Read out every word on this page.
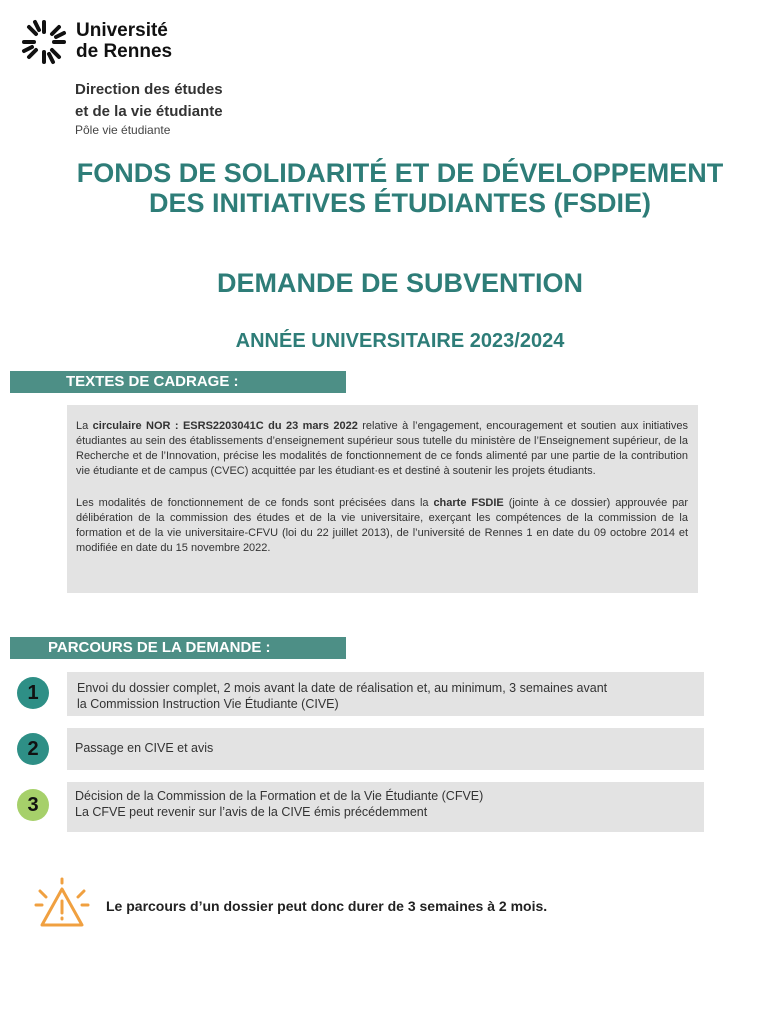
Université
de Rennes
Direction des études
et de la vie étudiante
Pôle vie étudiante
FONDS DE SOLIDARITÉ ET DE DÉVELOPPEMENT
DES INITIATIVES ÉTUDIANTES (FSDIE)
DEMANDE DE SUBVENTION
ANNÉE UNIVERSITAIRE 2023/2024
TEXTES DE CADRAGE :

La circulaire NOR : ESRS2203041C du 23 mars 2022 relative à l’engagement, encouragement et soutien aux initiatives étudiantes au sein des établissements d’enseignement supérieur sous tutelle du ministère de l’Enseignement supérieur, de la Recherche et de l’Innovation, précise les modalités de fonctionnement de ce fonds alimenté par une partie de la contribution vie étudiante et de campus (CVEC) acquittée par les étudiant·es et destiné à soutenir les projets étudiants.

Les modalités de fonctionnement de ce fonds sont précisées dans la charte FSDIE (jointe à ce dossier) approuvée par délibération de la commission des études et de la vie universitaire, exerçant les compétences de la commission de la formation et de la vie universitaire-CFVU (loi du 22 juillet 2013), de l’université de Rennes 1 en date du 09 octobre 2014 et modifiée en date du 15 novembre 2022.

PARCOURS DE LA DEMANDE :
1	Envoi du dossier complet, 2 mois avant la date de réalisation et, au minimum, 3 semaines avant
la Commission Instruction Vie Étudiante (CIVE)
2	Passage en CIVE et avis
3	Décision de la Commission de la Formation et de la Vie Étudiante (CFVE)
La CFVE peut revenir sur l’avis de la CIVE émis précédemment
Le parcours d’un dossier peut donc durer de 3 semaines à 2 mois.
